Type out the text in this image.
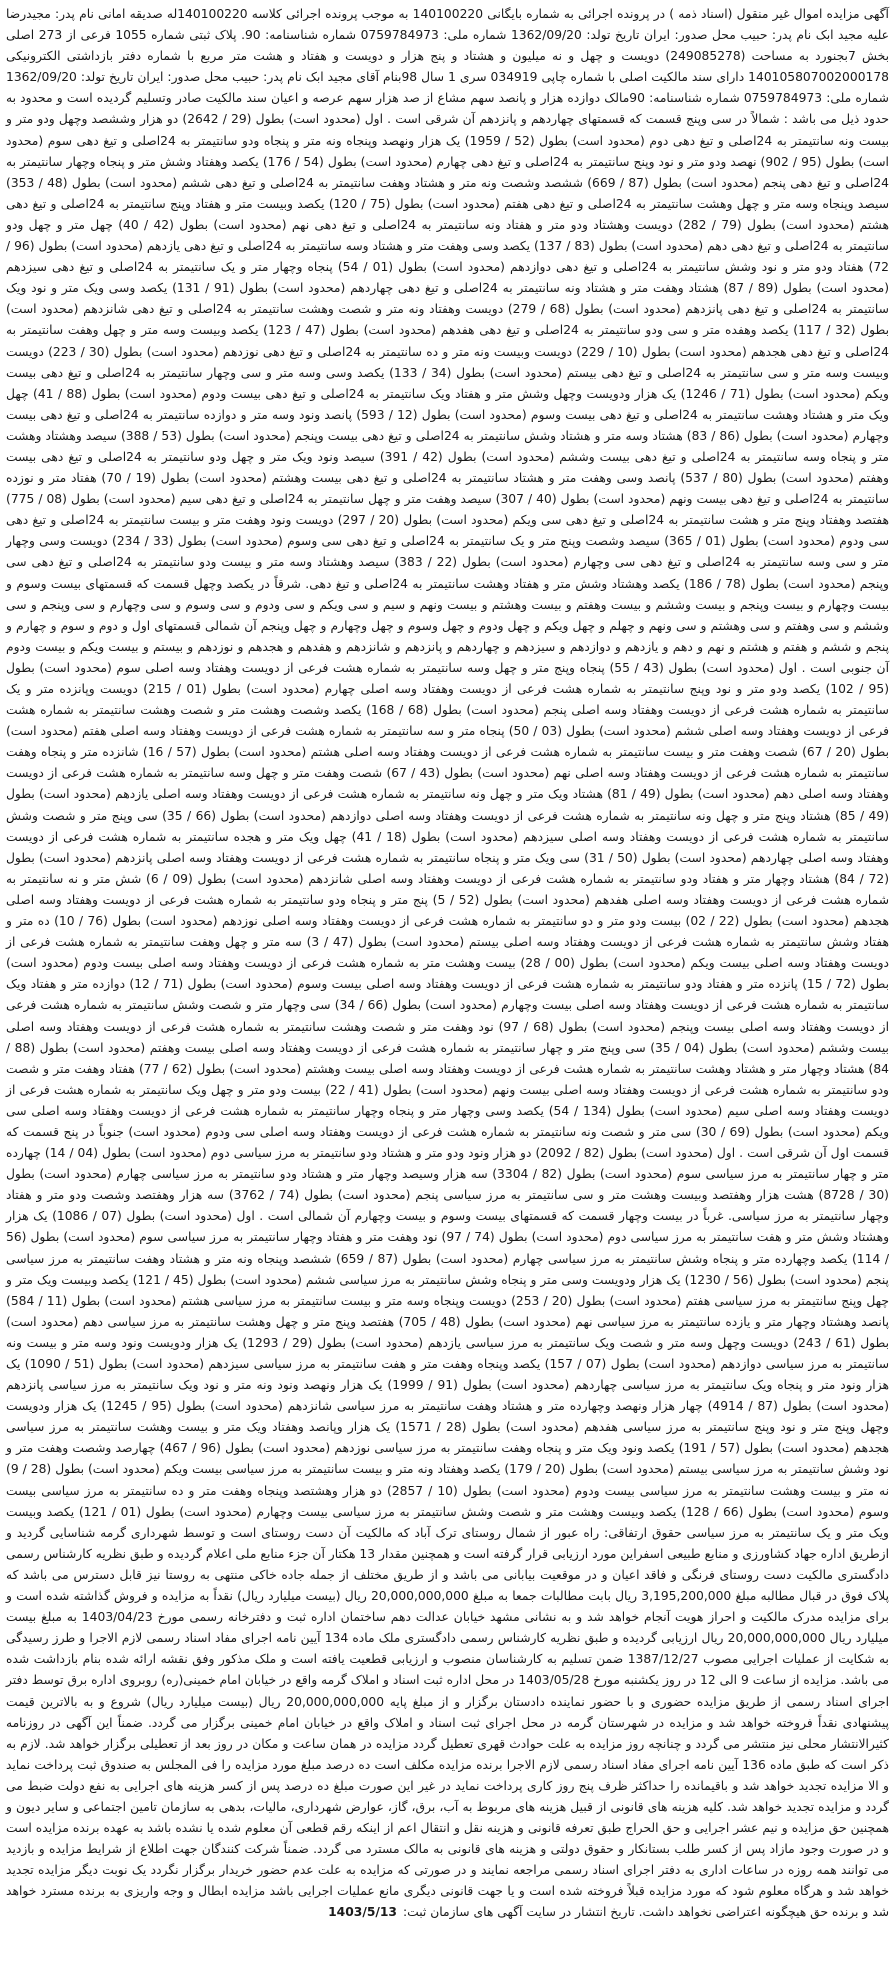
آگهی مزایده اموال غیر منقول (اسناد ذمه ) در پرونده اجرائی به شماره بایگانی 140100220 به موجب پرونده اجرائی کلاسه 140100220له صدیقه امانی نام پدر: مجیدرضا علیه مجید ابک نام پدر: حبیب محل صدور: ایران تاریخ تولد: 1362/09/20 شماره ملی: 0759784973 شماره شناسنامه: 90. پلاک ثبتی شماره 1055 فرعی از 273 اصلی بخش 7بجنورد به مساحت (249085278) دویست و چهل و نه میلیون و هشتاد و پنج هزار و دویست و هفتاد و هشت متر مربع با شماره دفتر بازداشتی الکترونیکی 140105807002000178 دارای سند مالکیت اصلی با شماره چاپی 034919 سری 1 سال 98بنام آقای مجید ابک نام پدر: حبیب محل صدور: ایران تاریخ تولد: 1362/09/20 شماره ملی: 0759784973 شماره شناسنامه: 90مالک دوازده هزار و پانصد سهم مشاع از صد هزار سهم عرصه و اعیان سند مالکیت صادر وتسلیم گردیده است و محدود به حدود ذیل می باشد : شمالاً در سی وپنج قسمت که قسمتهای چهاردهم و پانزدهم آن شرقی است . اول (محدود است) بطول (29 / 2642) دو هزار وششصد وچهل ودو متر و بیست ونه سانتیمتر به 24اصلی و تیغ دهی دوم (محدود است) بطول (52 / 1959) یک هزار ونهصد وپنجاه ونه متر و پنجاه ودو سانتیمتر به 24اصلی و تیغ دهی سوم (محدود است) بطول (95 / 902) نهصد ودو متر و نود وپنج سانتیمتر به 24اصلی و تیغ دهی چهارم (محدود است) بطول (54 / 176) یکصد وهفتاد وشش متر و پنجاه وچهار سانتیمتر به 24اصلی و تیغ دهی پنجم (محدود است) بطول (87 / 669) ششصد وشصت ونه متر و هشتاد وهفت سانتیمتر به 24اصلی و تیغ دهی ششم (محدود است) بطول (48 / 353) سیصد وپنجاه وسه متر و چهل وهشت سانتیمتر به 24اصلی و تیغ دهی هفتم (محدود است) بطول (75 / 120) یکصد وبیست متر و هفتاد وپنج سانتیمتر به 24اصلی و تیغ دهی هشتم (محدود است) بطول (79 / 282) دویست وهشتاد ودو متر و هفتاد ونه سانتیمتر به 24اصلی و تیغ دهی نهم (محدود است) بطول (42 / 40) چهل متر و چهل ودو سانتیمتر به 24اصلی و تیغ دهی دهم (محدود است) بطول (83 / 137) یکصد وسی وهفت متر و هشتاد وسه سانتیمتر به 24اصلی و تیغ دهی یازدهم (محدود است) بطول (96 / 72) هفتاد ودو متر و نود وشش سانتیمتر به 24اصلی و تیغ دهی دوازدهم (محدود است) بطول (01 / 54) پنجاه وچهار متر و یک سانتیمتر به 24اصلی و تیغ دهی سیزدهم (محدود است) بطول (89 / 87) هشتاد وهفت متر و هشتاد ونه سانتیمتر به 24اصلی و تیغ دهی چهاردهم (محدود است) بطول (91 / 131) یکصد وسی ویک متر و نود ویک سانتیمتر به 24اصلی و تیغ دهی پانزدهم (محدود است) بطول (68 / 279) دویست وهفتاد ونه متر و شصت وهشت سانتیمتر به 24اصلی و تیغ دهی شانزدهم (محدود است) بطول (32 / 117) یکصد وهفده متر و سی ودو سانتیمتر به 24اصلی و تیغ دهی هفدهم (محدود است) بطول (47 / 123) یکصد وبیست وسه متر و چهل وهفت سانتیمتر به 24اصلی و تیغ دهی هجدهم (محدود است) بطول (10 / 229) دویست وبیست ونه متر و ده سانتیمتر به 24اصلی و تیغ دهی نوزدهم (محدود است) بطول (30 / 223) دویست وبیست وسه متر و سی سانتیمتر به 24اصلی و تیغ دهی بیستم (محدود است) بطول (34 / 133) یکصد وسی وسه متر و سی وچهار سانتیمتر به 24اصلی و تیغ دهی بیست ویکم (محدود است) بطول (71 / 1246) یک هزار ودویست وچهل وشش متر و هفتاد ویک سانتیمتر به 24اصلی و تیغ دهی بیست ودوم (محدود است) بطول (88 / 41) چهل ویک متر و هشتاد وهشت سانتیمتر به 24اصلی و تیغ دهی بیست وسوم (محدود است) بطول (12 / 593) پانصد ونود وسه متر و دوازده سانتیمتر به 24اصلی و تیغ دهی بیست وچهارم (محدود است) بطول (86 / 83) هشتاد وسه متر و هشتاد وشش سانتیمتر به 24اصلی و تیغ دهی بیست وپنجم (محدود است) بطول (53 / 388) سیصد وهشتاد وهشت متر و پنجاه وسه سانتیمتر به 24اصلی و تیغ دهی بیست وششم (محدود است) بطول (42 / 391) سیصد ونود ویک متر و چهل ودو سانتیمتر به 24اصلی و تیغ دهی بیست وهفتم (محدود است) بطول (80 / 537) پانصد وسی وهفت متر و هشتاد سانتیمتر به 24اصلی و تیغ دهی بیست وهشتم (محدود است) بطول (19 / 70) هفتاد متر و نوزده سانتیمتر به 24اصلی و تیغ دهی بیست ونهم (محدود است) بطول (40 / 307) سیصد وهفت متر و چهل سانتیمتر به 24اصلی و تیغ دهی سیم (محدود است) بطول (08 / 775) هفتصد وهفتاد وپنج متر و هشت سانتیمتر به 24اصلی و تیغ دهی سی ویکم (محدود است) بطول (20 / 297) دویست ونود وهفت متر و بیست سانتیمتر به 24اصلی و تیغ دهی سی ودوم (محدود است) بطول (01 / 365) سیصد وشصت وپنج متر و یک سانتیمتر به 24اصلی و تیغ دهی سی وسوم (محدود است) بطول (33 / 234) دویست وسی وچهار متر و سی وسه سانتیمتر به 24اصلی و تیغ دهی سی وچهارم (محدود است) بطول (22 / 383) سیصد وهشتاد وسه متر و بیست ودو سانتیمتر به 24اصلی و تیغ دهی سی وپنجم (محدود است) بطول (78 / 186) یکصد وهشتاد وشش متر و هفتاد وهشت سانتیمتر به 24اصلی و تیغ دهی. شرقاً در یکصد وچهل قسمت که قسمتهای بیست وسوم و بیست وچهارم و بیست وپنجم و بیست وششم و بیست وهفتم و بیست وهشتم و بیست ونهم و سیم و سی ویکم و سی ودوم و سی وسوم و سی وچهارم و سی وپنجم و سی وششم و سی وهفتم و سی وهشتم و سی ونهم و چهلم و چهل ویکم و چهل ودوم و چهل وسوم و چهل وچهارم و چهل وپنجم آن شمالی قسمتهای اول و دوم و سوم و چهارم و پنجم و ششم و هفتم و هشتم و نهم و دهم و یازدهم و دوازدهم و سیزدهم و چهاردهم و پانزدهم و شانزدهم و هفدهم و هجدهم و نوزدهم و بیستم و بیست ویکم و بیست ودوم آن جنوبی است . اول (محدود است) بطول (43 / 55) پنجاه وپنج متر و چهل وسه سانتیمتر به شماره هشت فرعی از دویست وهفتاد وسه اصلی سوم (محدود است) بطول (95 / 102) یکصد ودو متر و نود وپنج سانتیمتر به شماره هشت فرعی از دویست وهفتاد وسه اصلی چهارم (محدود است) بطول (01 / 215) دویست وپانزده متر و یک سانتیمتر به شماره هشت فرعی از دویست وهفتاد وسه اصلی پنجم (محدود است) بطول (68 / 168) یکصد وشصت وهشت متر و شصت وهشت سانتیمتر به شماره هشت فرعی از دویست وهفتاد وسه اصلی ششم (محدود است) بطول (03 / 50) پنجاه متر و سه سانتیمتر به شماره هشت فرعی از دویست وهفتاد وسه اصلی هفتم (محدود است) بطول (20 / 67) شصت وهفت متر و بیست سانتیمتر به شماره هشت فرعی از دویست وهفتاد وسه اصلی هشتم (محدود است) بطول (57 / 16) شانزده متر و پنجاه وهفت سانتیمتر به شماره هشت فرعی از دویست وهفتاد وسه اصلی نهم (محدود است) بطول (43 / 67) شصت وهفت متر و چهل وسه سانتیمتر به شماره هشت فرعی از دویست وهفتاد وسه اصلی دهم (محدود است) بطول (49 / 81) هشتاد ویک متر و چهل ونه سانتیمتر به شماره هشت فرعی از دویست وهفتاد وسه اصلی یازدهم (محدود است) بطول (49 / 85) هشتاد وپنج متر و چهل ونه سانتیمتر به شماره هشت فرعی از دویست وهفتاد وسه اصلی دوازدهم (محدود است) بطول (66 / 35) سی وپنج متر و شصت وشش سانتیمتر به شماره هشت فرعی از دویست وهفتاد وسه اصلی سیزدهم (محدود است) بطول (18 / 41) چهل ویک متر و هجده سانتیمتر به شماره هشت فرعی از دویست وهفتاد وسه اصلی چهاردهم (محدود است) بطول (50 / 31) سی ویک متر و پنجاه سانتیمتر به شماره هشت فرعی از دویست وهفتاد وسه اصلی پانزدهم (محدود است) بطول (72 / 84) هشتاد وچهار متر و هفتاد ودو سانتیمتر به شماره هشت فرعی از دویست وهفتاد وسه اصلی شانزدهم (محدود است) بطول (09 / 6) شش متر و نه سانتیمتر به شماره هشت فرعی از دویست وهفتاد وسه اصلی هفدهم (محدود است) بطول (52 / 5) پنج متر و پنجاه ودو سانتیمتر به شماره هشت فرعی از دویست وهفتاد وسه اصلی هجدهم (محدود است) بطول (22 / 02) بیست ودو متر و دو سانتیمتر به شماره هشت فرعی از دویست وهفتاد وسه اصلی نوزدهم (محدود است) بطول (76 / 10) ده متر و هفتاد وشش سانتیمتر به شماره هشت فرعی از دویست وهفتاد وسه اصلی بیستم (محدود است) بطول (47 / 3) سه متر و چهل وهفت سانتیمتر به شماره هشت فرعی از دویست وهفتاد وسه اصلی بیست ویکم (محدود است) بطول (00 / 28) بیست وهشت متر به شماره هشت فرعی از دویست وهفتاد وسه اصلی بیست ودوم (محدود است) بطول (72 / 15) پانزده متر و هفتاد ودو سانتیمتر به شماره هشت فرعی از دویست وهفتاد وسه اصلی بیست وسوم (محدود است) بطول (71 / 12) دوازده متر و هفتاد ویک سانتیمتر به شماره هشت فرعی از دویست وهفتاد وسه اصلی بیست وچهارم (محدود است) بطول (66 / 34) سی وچهار متر و شصت وشش سانتیمتر به شماره هشت فرعی از دویست وهفتاد وسه اصلی بیست وپنجم (محدود است) بطول (68 / 97) نود وهفت متر و شصت وهشت سانتیمتر به شماره هشت فرعی از دویست وهفتاد وسه اصلی بیست وششم (محدود است) بطول (04 / 35) سی وپنج متر و چهار سانتیمتر به شماره هشت فرعی از دویست وهفتاد وسه اصلی بیست وهفتم (محدود است) بطول (88 / 84) هشتاد وچهار متر و هشتاد وهشت سانتیمتر به شماره هشت فرعی از دویست وهفتاد وسه اصلی بیست وهشتم (محدود است) بطول (62 / 77) هفتاد وهفت متر و شصت ودو سانتیمتر به شماره هشت فرعی از دویست وهفتاد وسه اصلی بیست ونهم (محدود است) بطول (41 / 22) بیست ودو متر و چهل ویک سانتیمتر به شماره هشت فرعی از دویست وهفتاد وسه اصلی سیم (محدود است) بطول (134 / 54) یکصد وسی وچهار متر و پنجاه وچهار سانتیمتر به شماره هشت فرعی از دویست وهفتاد وسه اصلی سی ویکم (محدود است) بطول (69 / 30) سی متر و شصت ونه سانتیمتر به شماره هشت فرعی از دویست وهفتاد وسه اصلی سی ودوم (محدود است) جنوباً در پنج قسمت که قسمت اول آن شرقی است . اول (محدود است) بطول (82 / 2092) دو هزار ونود ودو متر و هشتاد ودو سانتیمتر به مرز سیاسی دوم (محدود است) بطول (04 / 14) چهارده متر و چهار سانتیمتر به مرز سیاسی سوم (محدود است) بطول (82 / 3304) سه هزار وسیصد وچهار متر و هشتاد ودو سانتیمتر به مرز سیاسی چهارم (محدود است) بطول (30 / 8728) هشت هزار وهفتصد وبیست وهشت متر و سی سانتیمتر به مرز سیاسی پنجم (محدود است) بطول (74 / 3762) سه هزار وهفتصد وشصت ودو متر و هفتاد وچهار سانتیمتر به مرز سیاسی. غرباً در بیست وچهار قسمت که قسمتهای بیست وسوم و بیست وچهارم آن شمالی است . اول (محدود است) بطول (07 / 1086) یک هزار وهشتاد وشش متر و هفت سانتیمتر به مرز سیاسی دوم (محدود است) بطول (74 / 97) نود وهفت متر و هفتاد وچهار سانتیمتر به مرز سیاسی سوم (محدود است) بطول (56 / 114) یکصد وچهارده متر و پنجاه وشش سانتیمتر به مرز سیاسی چهارم (محدود است) بطول (87 / 659) ششصد وپنجاه ونه متر و هشتاد وهفت سانتیمتر به مرز سیاسی پنجم (محدود است) بطول (56 / 1230) یک هزار ودویست وسی متر و پنجاه وشش سانتیمتر به مرز سیاسی ششم (محدود است) بطول (45 / 121) یکصد وبیست ویک متر و چهل وپنج سانتیمتر به مرز سیاسی هفتم (محدود است) بطول (20 / 253) دویست وپنجاه وسه متر و بیست سانتیمتر به مرز سیاسی هشتم (محدود است) بطول (11 / 584) پانصد وهشتاد وچهار متر و یازده سانتیمتر به مرز سیاسی نهم (محدود است) بطول (48 / 705) هفتصد وپنج متر و چهل وهشت سانتیمتر به مرز سیاسی دهم (محدود است) بطول (61 / 243) دویست وچهل وسه متر و شصت ویک سانتیمتر به مرز سیاسی یازدهم (محدود است) بطول (29 / 1293) یک هزار ودویست ونود وسه متر و بیست ونه سانتیمتر به مرز سیاسی دوازدهم (محدود است) بطول (07 / 157) یکصد وپنجاه وهفت متر و هفت سانتیمتر به مرز سیاسی سیزدهم (محدود است) بطول (51 / 1090) یک هزار ونود متر و پنجاه ویک سانتیمتر به مرز سیاسی چهاردهم (محدود است) بطول (91 / 1999) یک هزار ونهصد ونود ونه متر و نود ویک سانتیمتر به مرز سیاسی پانزدهم (محدود است) بطول (87 / 4914) چهار هزار ونهصد وچهارده متر و هشتاد وهفت سانتیمتر به مرز سیاسی شانزدهم (محدود است) بطول (95 / 1245) یک هزار ودویست وچهل وپنج متر و نود وپنج سانتیمتر به مرز سیاسی هفدهم (محدود است) بطول (28 / 1571) یک هزار وپانصد وهفتاد ویک متر و بیست وهشت سانتیمتر به مرز سیاسی هجدهم (محدود است) بطول (57 / 191) یکصد ونود ویک متر و پنجاه وهفت سانتیمتر به مرز سیاسی نوزدهم (محدود است) بطول (96 / 467) چهارصد وشصت وهفت متر و نود وشش سانتیمتر به مرز سیاسی بیستم (محدود است) بطول (20 / 179) یکصد وهفتاد ونه متر و بیست سانتیمتر به مرز سیاسی بیست ویکم (محدود است) بطول (28 / 9) نه متر و بیست وهشت سانتیمتر به مرز سیاسی بیست ودوم (محدود است) بطول (10 / 2857) دو هزار وهشتصد وپنجاه وهفت متر و ده سانتیمتر به مرز سیاسی بیست وسوم (محدود است) بطول (66 / 128) یکصد وبیست وهشت متر و شصت وشش سانتیمتر به مرز سیاسی بیست وچهارم (محدود است) بطول (01 / 121) یکصد وبیست ویک متر و یک سانتیمتر به مرز سیاسی حقوق ارتفاقی: راه عبور از شمال روستای ترک آباد که مالکیت آن دست روستای است و توسط شهرداری گرمه شناسایی گردید و ازطریق اداره جهاد کشاورزی و منابع طبیعی اسفراین مورد ارزیابی قرار گرفته است و همچنین مقدار 13 هکتار آن جزء منابع ملی اعلام گردیده و طبق نظریه کارشناس رسمی دادگستری مالکیت دست روستای فرنگی و فاقد اعیان و در موقعیت بیابانی می باشد و از طریق مختلف از جمله جاده خاکی منتهی به روستا نیز قابل دسترس می باشد که پلاک فوق در قبال مطالبه مبلغ 3,195,200,000 ریال بابت مطالبات جمعا به مبلغ 20,000,000,000 ریال (بیست میلیارد ریال) نقداً به مزایده و فروش گذاشته شده است و برای مزایده مدرک مالکیت و احراز هویت آنجام خواهد شد و به نشانی مشهد خیابان عدالت دهم ساختمان اداره ثبت و دفترخانه رسمی مورخ 1403/04/23 به مبلغ بیست میلیارد ریال 20,000,000,000 ریال ارزیابی گردیده و طبق نظریه کارشناس رسمی دادگستری ملک ماده 134 آیین نامه اجرای مفاد اسناد رسمی لازم الاجرا و طرز رسیدگی به شکایت از عملیات اجرایی مصوب 1387/12/27 ضمن تسلیم به کارشناسان منصوب و ارزیابی قطعیت یافته است و ملک مذکور وفق نقشه ارائه شده بنام بازداشت شده می باشد. مزایده از ساعت 9 الی 12 در روز یکشنبه مورخ 1403/05/28 در محل اداره ثبت اسناد و املاک گرمه واقع در خیابان امام خمینی(ره) روبروی اداره برق توسط دفتر اجرای اسناد رسمی از طریق مزایده حضوری و با حضور نماینده دادستان برگزار و از مبلغ پایه 20,000,000,000 ریال (بیست میلیارد ریال) شروع و به بالاترین قیمت پیشنهادی نقداً فروخته خواهد شد و مزایده در شهرستان گرمه در محل اجرای ثبت اسناد و املاک واقع در خیابان امام خمینی برگزار می گردد. ضمناً این آگهی در روزنامه کثیرالانتشار محلی نیز منتشر می گردد و چنانچه روز مزایده به علت حوادث قهری تعطیل گردد مزایده در همان ساعت و مکان در روز بعد از تعطیلی برگزار خواهد شد. لازم به ذکر است که طبق ماده 136 آیین نامه اجرای مفاد اسناد رسمی لازم الاجرا برنده مزایده مکلف است ده درصد مبلغ مورد مزایده را فی المجلس به صندوق ثبت پرداخت نماید و الا مزایده تجدید خواهد شد و باقیمانده را حداکثر ظرف پنج روز کاری پرداخت نماید در غیر این صورت مبلغ ده درصد پس از کسر هزینه های اجرایی به نفع دولت ضبط می گردد و مزایده تجدید خواهد شد. کلیه هزینه های قانونی از قبیل هزینه های مربوط به آب، برق، گاز، عوارض شهرداری، مالیات، بدهی به سازمان تامین اجتماعی و سایر دیون و همچنین حق مزایده و نیم عشر اجرایی و حق الحراج طبق تعرفه قانونی و هزینه نقل و انتقال اعم از اینکه رقم قطعی آن معلوم شده یا نشده باشد به عهده برنده مزایده است و در صورت وجود مازاد پس از کسر طلب بستانکار و حقوق دولتی و هزینه های قانونی به مالک مسترد می گردد. ضمناً شرکت کنندگان جهت اطلاع از شرایط مزایده و بازدید می توانند همه روزه در ساعات اداری به دفتر اجرای اسناد رسمی مراجعه نمایند و در صورتی که مزایده به علت عدم حضور خریدار برگزار نگردد یک نوبت دیگر مزایده تجدید خواهد شد و هرگاه معلوم شود که مورد مزایده قبلاً فروخته شده است و یا جهت قانونی دیگری مانع عملیات اجرایی باشد مزایده ابطال و وجه واریزی به برنده مسترد خواهد شد و برنده حق هیچگونه اعتراضی نخواهد داشت. تاریخ انتشار در سایت آگهی های سازمان ثبت:1403/5/13
